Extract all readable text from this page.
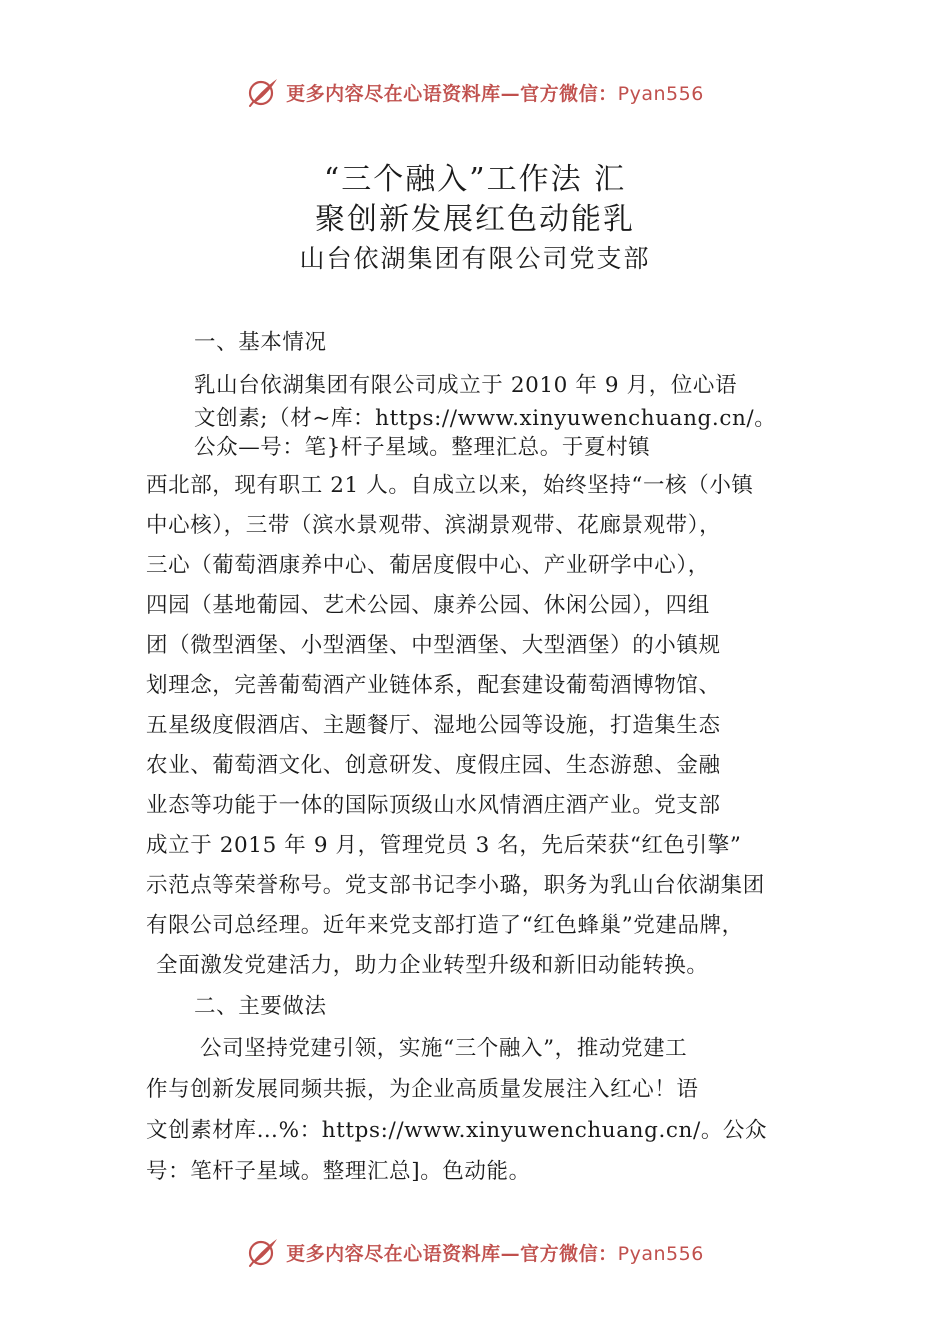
更多内容尽在心语资料库—官方微信：Pyan556
“三个融入”工作法 汇
聚创新发展红色动能乳
山台依湖集团有限公司党支部
一、基本情况
乳山台依湖集团有限公司成立于 2010 年 9 月，位心语
文创素;（材~库：https://www.xinyuwenchuang.cn/。
公众—号：笔}杆子星域。整理汇总。于夏村镇
西北部，现有职工 21 人。自成立以来，始终坚持“一核（小镇
中心核），三带（滨水景观带、滨湖景观带、花廊景观带），
三心（葡萄酒康养中心、葡居度假中心、产业研学中心），
四园（基地葡园、艺术公园、康养公园、休闲公园），四组
团（微型酒堡、小型酒堡、中型酒堡、大型酒堡）的小镇规
划理念，完善葡萄酒产业链体系，配套建设葡萄酒博物馆、
五星级度假酒店、主题餐厅、湿地公园等设施，打造集生态
农业、葡萄酒文化、创意研发、度假庄园、生态游憩、金融
业态等功能于一体的国际顶级山水风情酒庄酒产业。党支部
成立于 2015 年 9 月，管理党员 3 名，先后荣获“红色引擎”
示范点等荣誉称号。党支部书记李小璐，职务为乳山台依湖集团
有限公司总经理。近年来党支部打造了“红色蜂巢”党建品牌，
全面激发党建活力，助力企业转型升级和新旧动能转换。
二、主要做法
公司坚持党建引领，实施“三个融入”，推动党建工
作与创新发展同频共振，为企业高质量发展注入红心！语
文创素材库…%：https://www.xinyuwenchuang.cn/。公众
号：笔杆子星域。整理汇总]。色动能。
更多内容尽在心语资料库—官方微信：Pyan556
